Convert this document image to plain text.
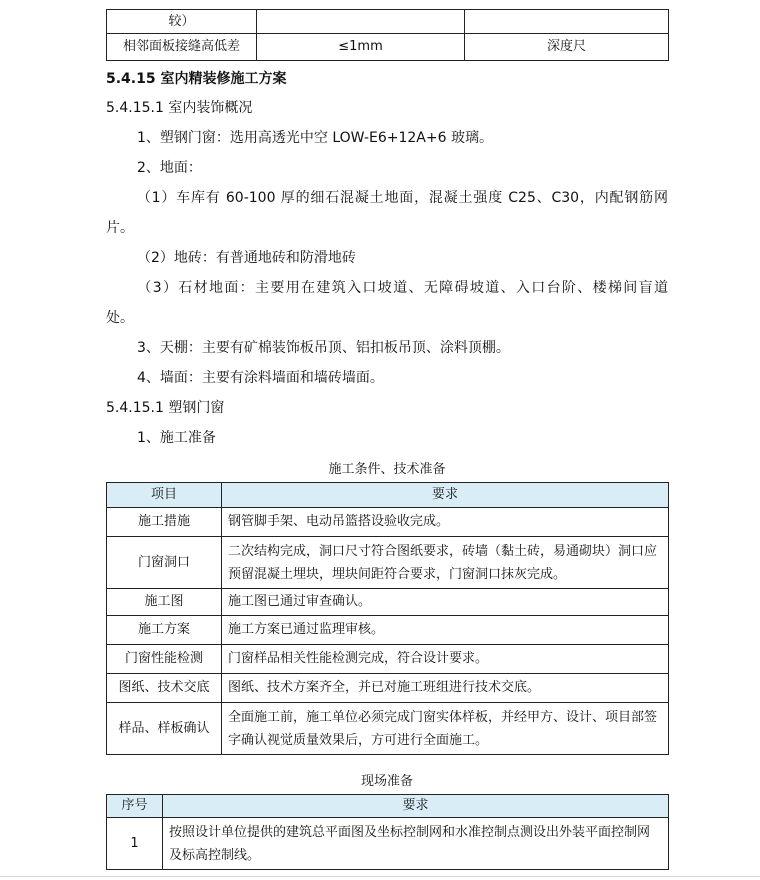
较）		
相邻面板接缝高低差	≤1mm	深度尺
5.4.15 室内精装修施工方案
5.4.15.1 室内装饰概况
1、塑钢门窗：选用高透光中空 LOW-E6+12A+6 玻璃。
2、地面：
（1）车库有 60-100 厚的细石混凝土地面，混凝土强度 C25、C30，内配钢筋网
片。
（2）地砖：有普通地砖和防滑地砖
（3）石材地面：主要用在建筑入口坡道、无障碍坡道、入口台阶、楼梯间盲道
处。
3、天棚：主要有矿棉装饰板吊顶、铝扣板吊顶、涂料顶棚。
4、墙面：主要有涂料墙面和墙砖墙面。
5.4.15.1 塑钢门窗
1、施工准备
施工条件、技术准备
项目	要求
施工措施	钢管脚手架、电动吊篮搭设验收完成。
门窗洞口	二次结构完成，洞口尺寸符合图纸要求，砖墙（黏土砖，易通砌块）洞口应预留混凝土埋块，埋块间距符合要求，门窗洞口抹灰完成。
施工图	施工图已通过审查确认。
施工方案	施工方案已通过监理审核。
门窗性能检测	门窗样品相关性能检测完成，符合设计要求。
图纸、技术交底	图纸、技术方案齐全，并已对施工班组进行技术交底。
样品、样板确认	全面施工前，施工单位必须完成门窗实体样板，并经甲方、设计、项目部签字确认视觉质量效果后，方可进行全面施工。
现场准备
序号	要求
1	按照设计单位提供的建筑总平面图及坐标控制网和水准控制点测设出外装平面控制网及标高控制线。
